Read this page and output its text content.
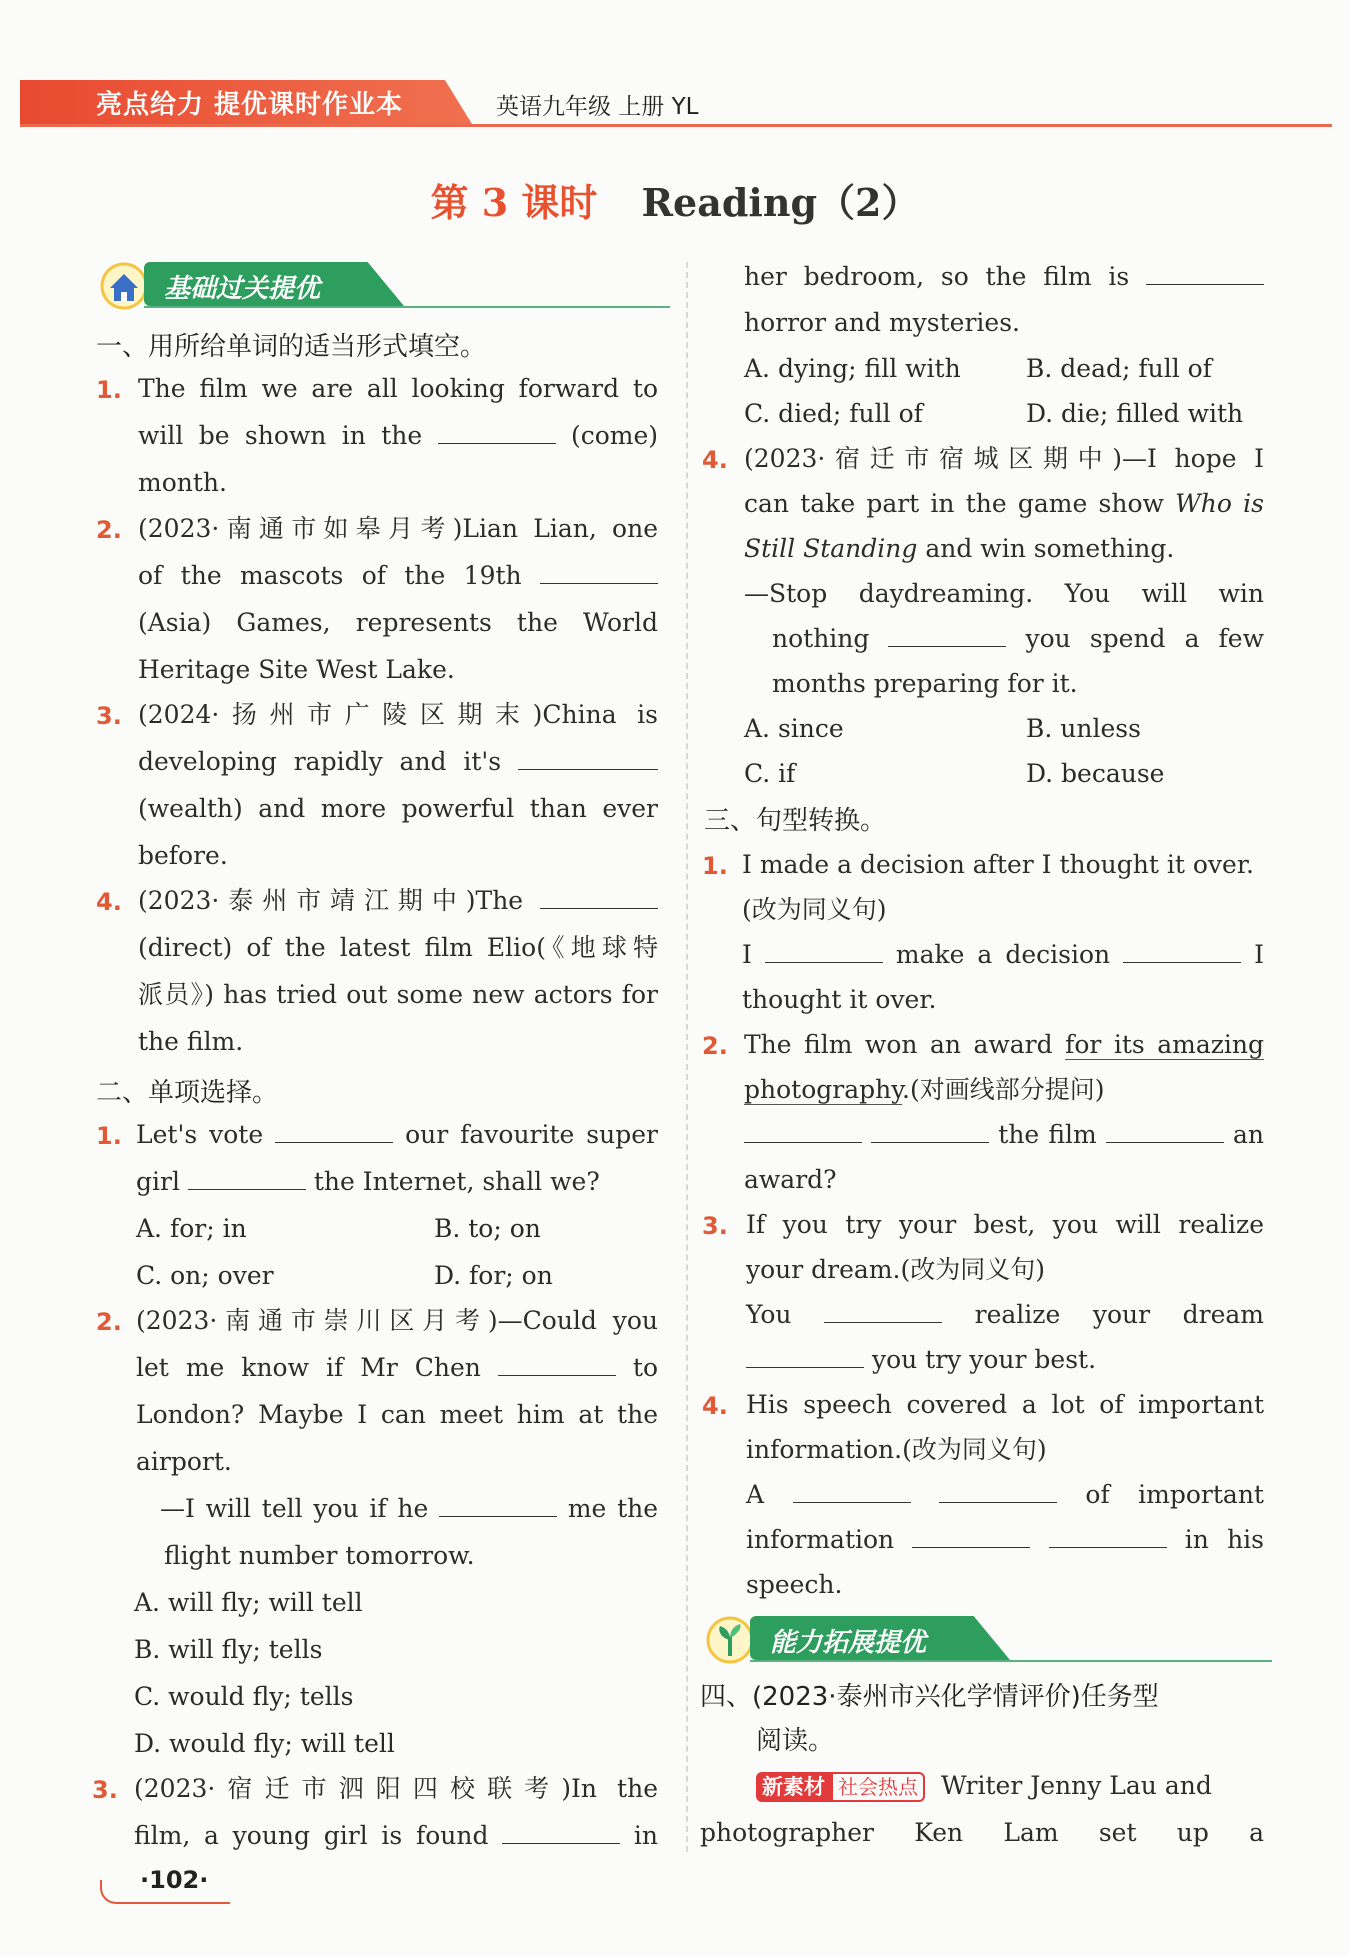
亮点给力 提优课时作业本	英语九年级 上册 YL
第 3 课时 Reading（2）
基础过关提优
一、用所给单词的适当形式填空。
1. The film we are all looking forward to
will be shown in the	(come)
month.
2. (2023·南通市如皋月考)Lian Lian, one
of the mascots of the 19th
(Asia) Games, represents the World
Heritage Site West Lake.
3. (2024·扬州市广陵区期末)China is
developing rapidly and it's
(wealth) and more powerful than ever
before.
4. (2023·泰州市靖江期中)The
(direct) of the latest film Elio(《地球特
派员》) has tried out some new actors for
the film.
二、单项选择。
1. Let's vote	our favourite super
girl	the Internet, shall we?
A. for; in	B. to; on
C. on; over	D. for; on
2. (2023·南通市崇川区月考)—Could you
let me know if Mr Chen	to
London? Maybe I can meet him at the
airport.
—I will tell you if he	me the
flight number tomorrow.
A. will fly; will tell
B. will fly; tells
C. would fly; tells
D. would fly; will tell
3. (2023·宿迁市泗阳四校联考)In the
film, a young girl is found	in
·102·
her bedroom, so the film is
horror and mysteries.
A. dying; fill with	B. dead; full of
C. died; full of	D. die; filled with
4. (2023·宿迁市宿城区期中)—I hope I
can take part in the game show Who is
Still Standing and win something.
—Stop daydreaming. You will win
nothing	you spend a few
months preparing for it.
A. since	B. unless
C. if	D. because
三、句型转换。
1. I made a decision after I thought it over.
(改为同义句)
I	make a decision	I
thought it over.
2. The film won an award for its amazing
photography.(对画线部分提问)
the film	an
award?
3. If you try your best, you will realize
your dream.(改为同义句)
You	realize your dream
you try your best.
4. His speech covered a lot of important
information.(改为同义句)
A	of important
information	in his
speech.
能力拓展提优
四、(2023·泰州市兴化学情评价)任务型
阅读。
新素材 社会热点 Writer Jenny Lau and
photographer Ken Lam set up a
